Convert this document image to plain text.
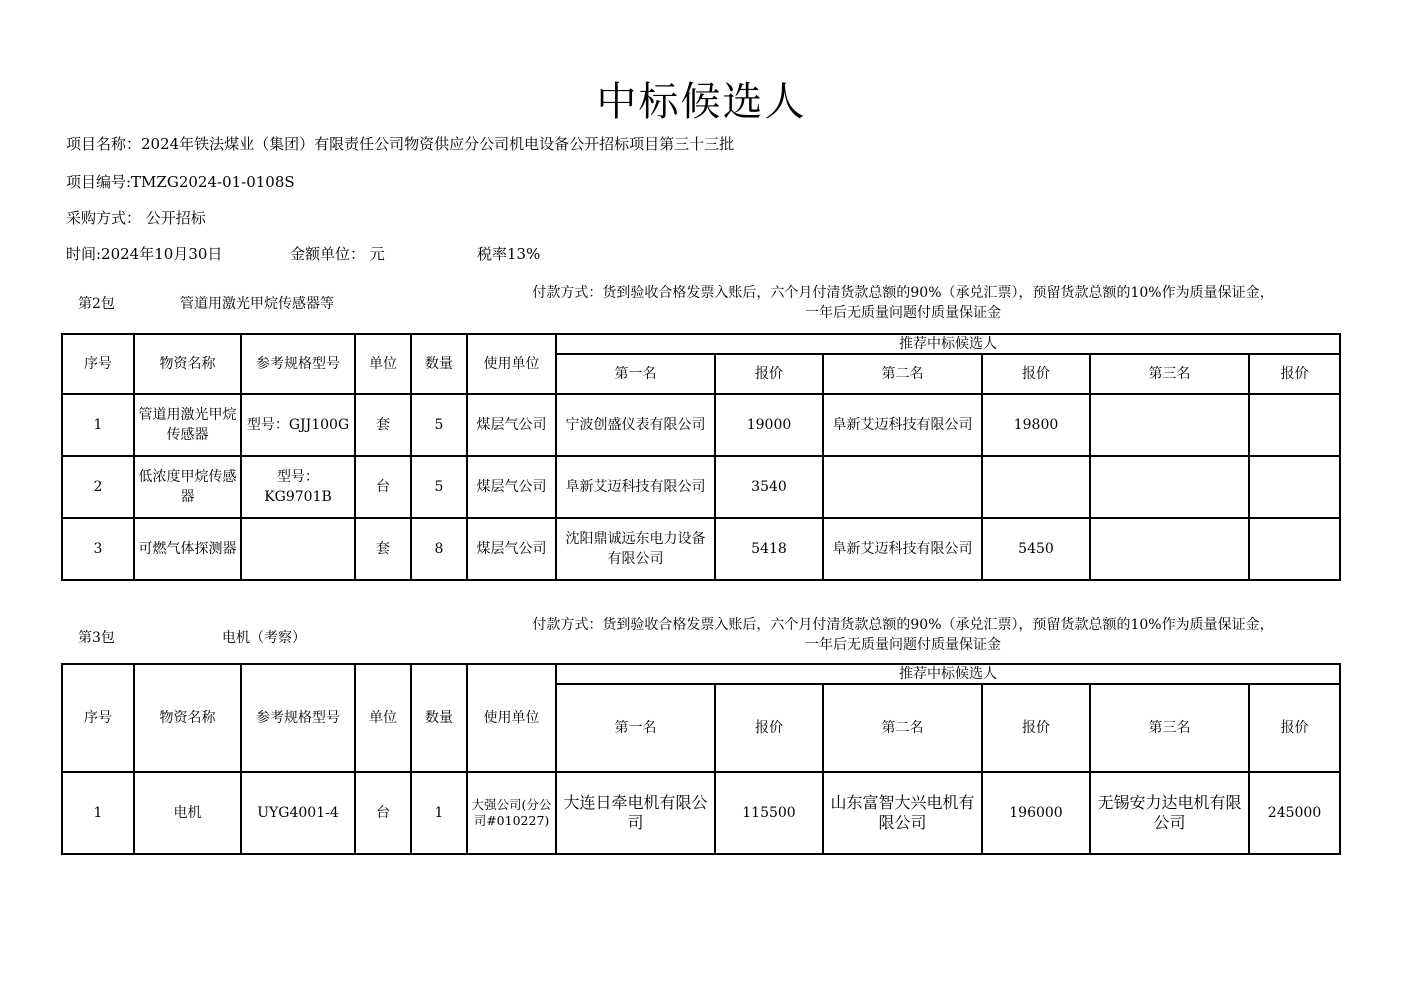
中标候选人
项目名称：2024年铁法煤业（集团）有限责任公司物资供应分公司机电设备公开招标项目第三十三批
项目编号:TMZG2024-01-0108S
采购方式： 公开招标
时间:2024年10月30日	金额单位： 元	税率13%
第2包	管道用激光甲烷传感器等
付款方式：货到验收合格发票入账后，六个月付清货款总额的90%（承兑汇票），预留货款总额的10%作为质量保证金，
一年后无质量问题付质量保证金
序号	物资名称	参考规格型号	单位	数量	使用单位	推荐中标候选人					
						第一名	报价	第二名	报价	第三名	报价
1	管道用激光甲烷传感器	型号：GJJ100G	套	5	煤层气公司	宁波创盛仪表有限公司	19000	阜新艾迈科技有限公司	19800		
2	低浓度甲烷传感器	型号：KG9701B	台	5	煤层气公司	阜新艾迈科技有限公司	3540				
3	可燃气体探测器		套	8	煤层气公司	沈阳鼎诚远东电力设备有限公司	5418	阜新艾迈科技有限公司	5450		
第3包	电机（考察）
付款方式：货到验收合格发票入账后，六个月付清货款总额的90%（承兑汇票），预留货款总额的10%作为质量保证金，
一年后无质量问题付质量保证金
序号	物资名称	参考规格型号	单位	数量	使用单位	推荐中标候选人					
						第一名	报价	第二名	报价	第三名	报价
1	电机	UYG4001-4	台	1	大强公司(分公司#010227)	大连日牵电机有限公司	115500	山东富智大兴电机有限公司	196000	无锡安力达电机有限公司	245000
